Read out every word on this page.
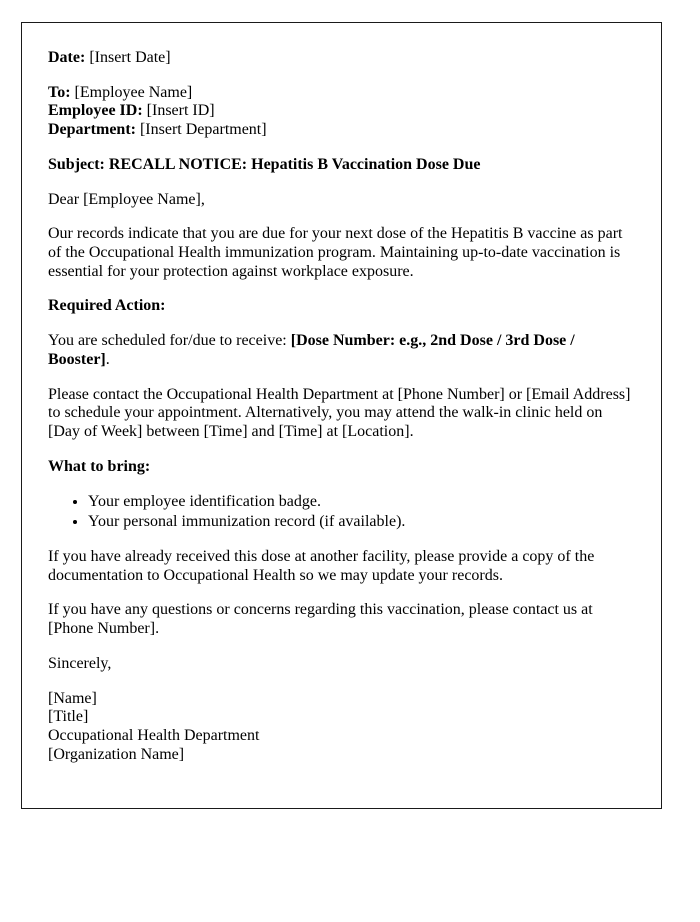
Date: [Insert Date]

To: [Employee Name]
Employee ID: [Insert ID]
Department: [Insert Department]

Subject: RECALL NOTICE: Hepatitis B Vaccination Dose Due

Dear [Employee Name],

Our records indicate that you are due for your next dose of the Hepatitis B vaccine as part of the Occupational Health immunization program. Maintaining up-to-date vaccination is essential for your protection against workplace exposure.

Required Action:

You are scheduled for/due to receive: [Dose Number: e.g., 2nd Dose / 3rd Dose / Booster].

Please contact the Occupational Health Department at [Phone Number] or [Email Address] to schedule your appointment. Alternatively, you may attend the walk-in clinic held on [Day of Week] between [Time] and [Time] at [Location].

What to bring:

• Your employee identification badge.
• Your personal immunization record (if available).

If you have already received this dose at another facility, please provide a copy of the documentation to Occupational Health so we may update your records.

If you have any questions or concerns regarding this vaccination, please contact us at [Phone Number].

Sincerely,

[Name]
[Title]
Occupational Health Department
[Organization Name]
